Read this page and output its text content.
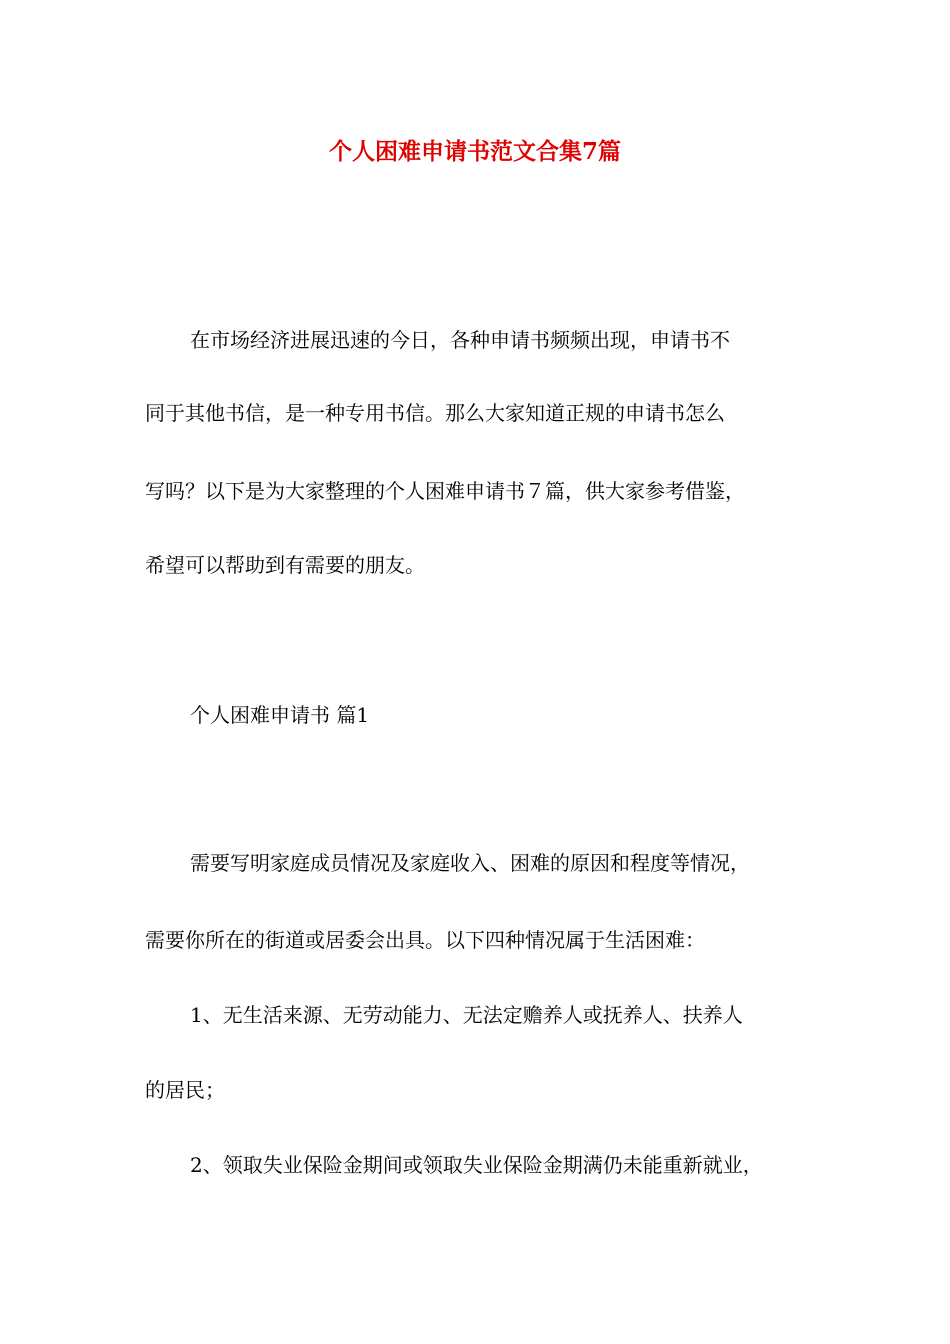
个人困难申请书范文合集7篇
在市场经济进展迅速的今日，各种申请书频频出现，申请书不
同于其他书信，是一种专用书信。那么大家知道正规的申请书怎么
写吗？以下是为大家整理的个人困难申请书７篇，供大家参考借鉴，
希望可以帮助到有需要的朋友。
个人困难申请书 篇1
需要写明家庭成员情况及家庭收入、困难的原因和程度等情况，
需要你所在的街道或居委会出具。以下四种情况属于生活困难：
1、无生活来源、无劳动能力、无法定赡养人或抚养人、扶养人
的居民；
2、领取失业保险金期间或领取失业保险金期满仍未能重新就业，
